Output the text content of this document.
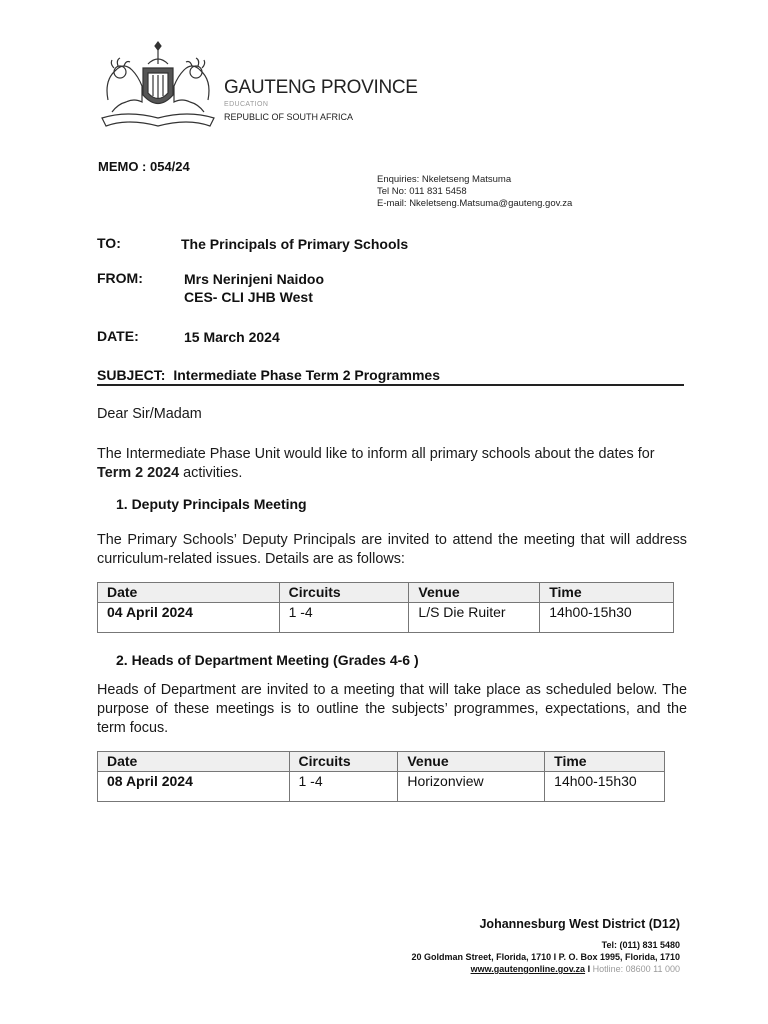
GAUTENG PROVINCE
EDUCATION
REPUBLIC OF SOUTH AFRICA
MEMO : 054/24
Enquiries: Nkeletseng Matsuma
Tel No: 011 831 5458
E-mail: Nkeletseng.Matsuma@gauteng.gov.za
TO:	The Principals of Primary Schools
FROM:	Mrs Nerinjeni Naidoo
CES- CLI JHB West
DATE:	15 March 2024
SUBJECT: Intermediate Phase Term 2 Programmes
Dear Sir/Madam
The Intermediate Phase Unit would like to inform all primary schools about the dates for Term 2 2024 activities.
1. Deputy Principals Meeting
The Primary Schools’ Deputy Principals are invited to attend the meeting that will address curriculum-related issues. Details are as follows:
Date	Circuits	Venue	Time
04 April 2024	1 -4	L/S Die Ruiter	14h00-15h30
2. Heads of Department Meeting (Grades 4-6 )
Heads of Department are invited to a meeting that will take place as scheduled below. The purpose of these meetings is to outline the subjects’ programmes, expectations, and the term focus.
Date	Circuits	Venue	Time
08 April 2024	1 -4	Horizonview	14h00-15h30
Johannesburg West District (D12)
Tel: (011) 831 5480
20 Goldman Street, Florida, 1710 I P. O. Box 1995, Florida, 1710
www.gautengonline.gov.za I Hotline: 08600 11 000
